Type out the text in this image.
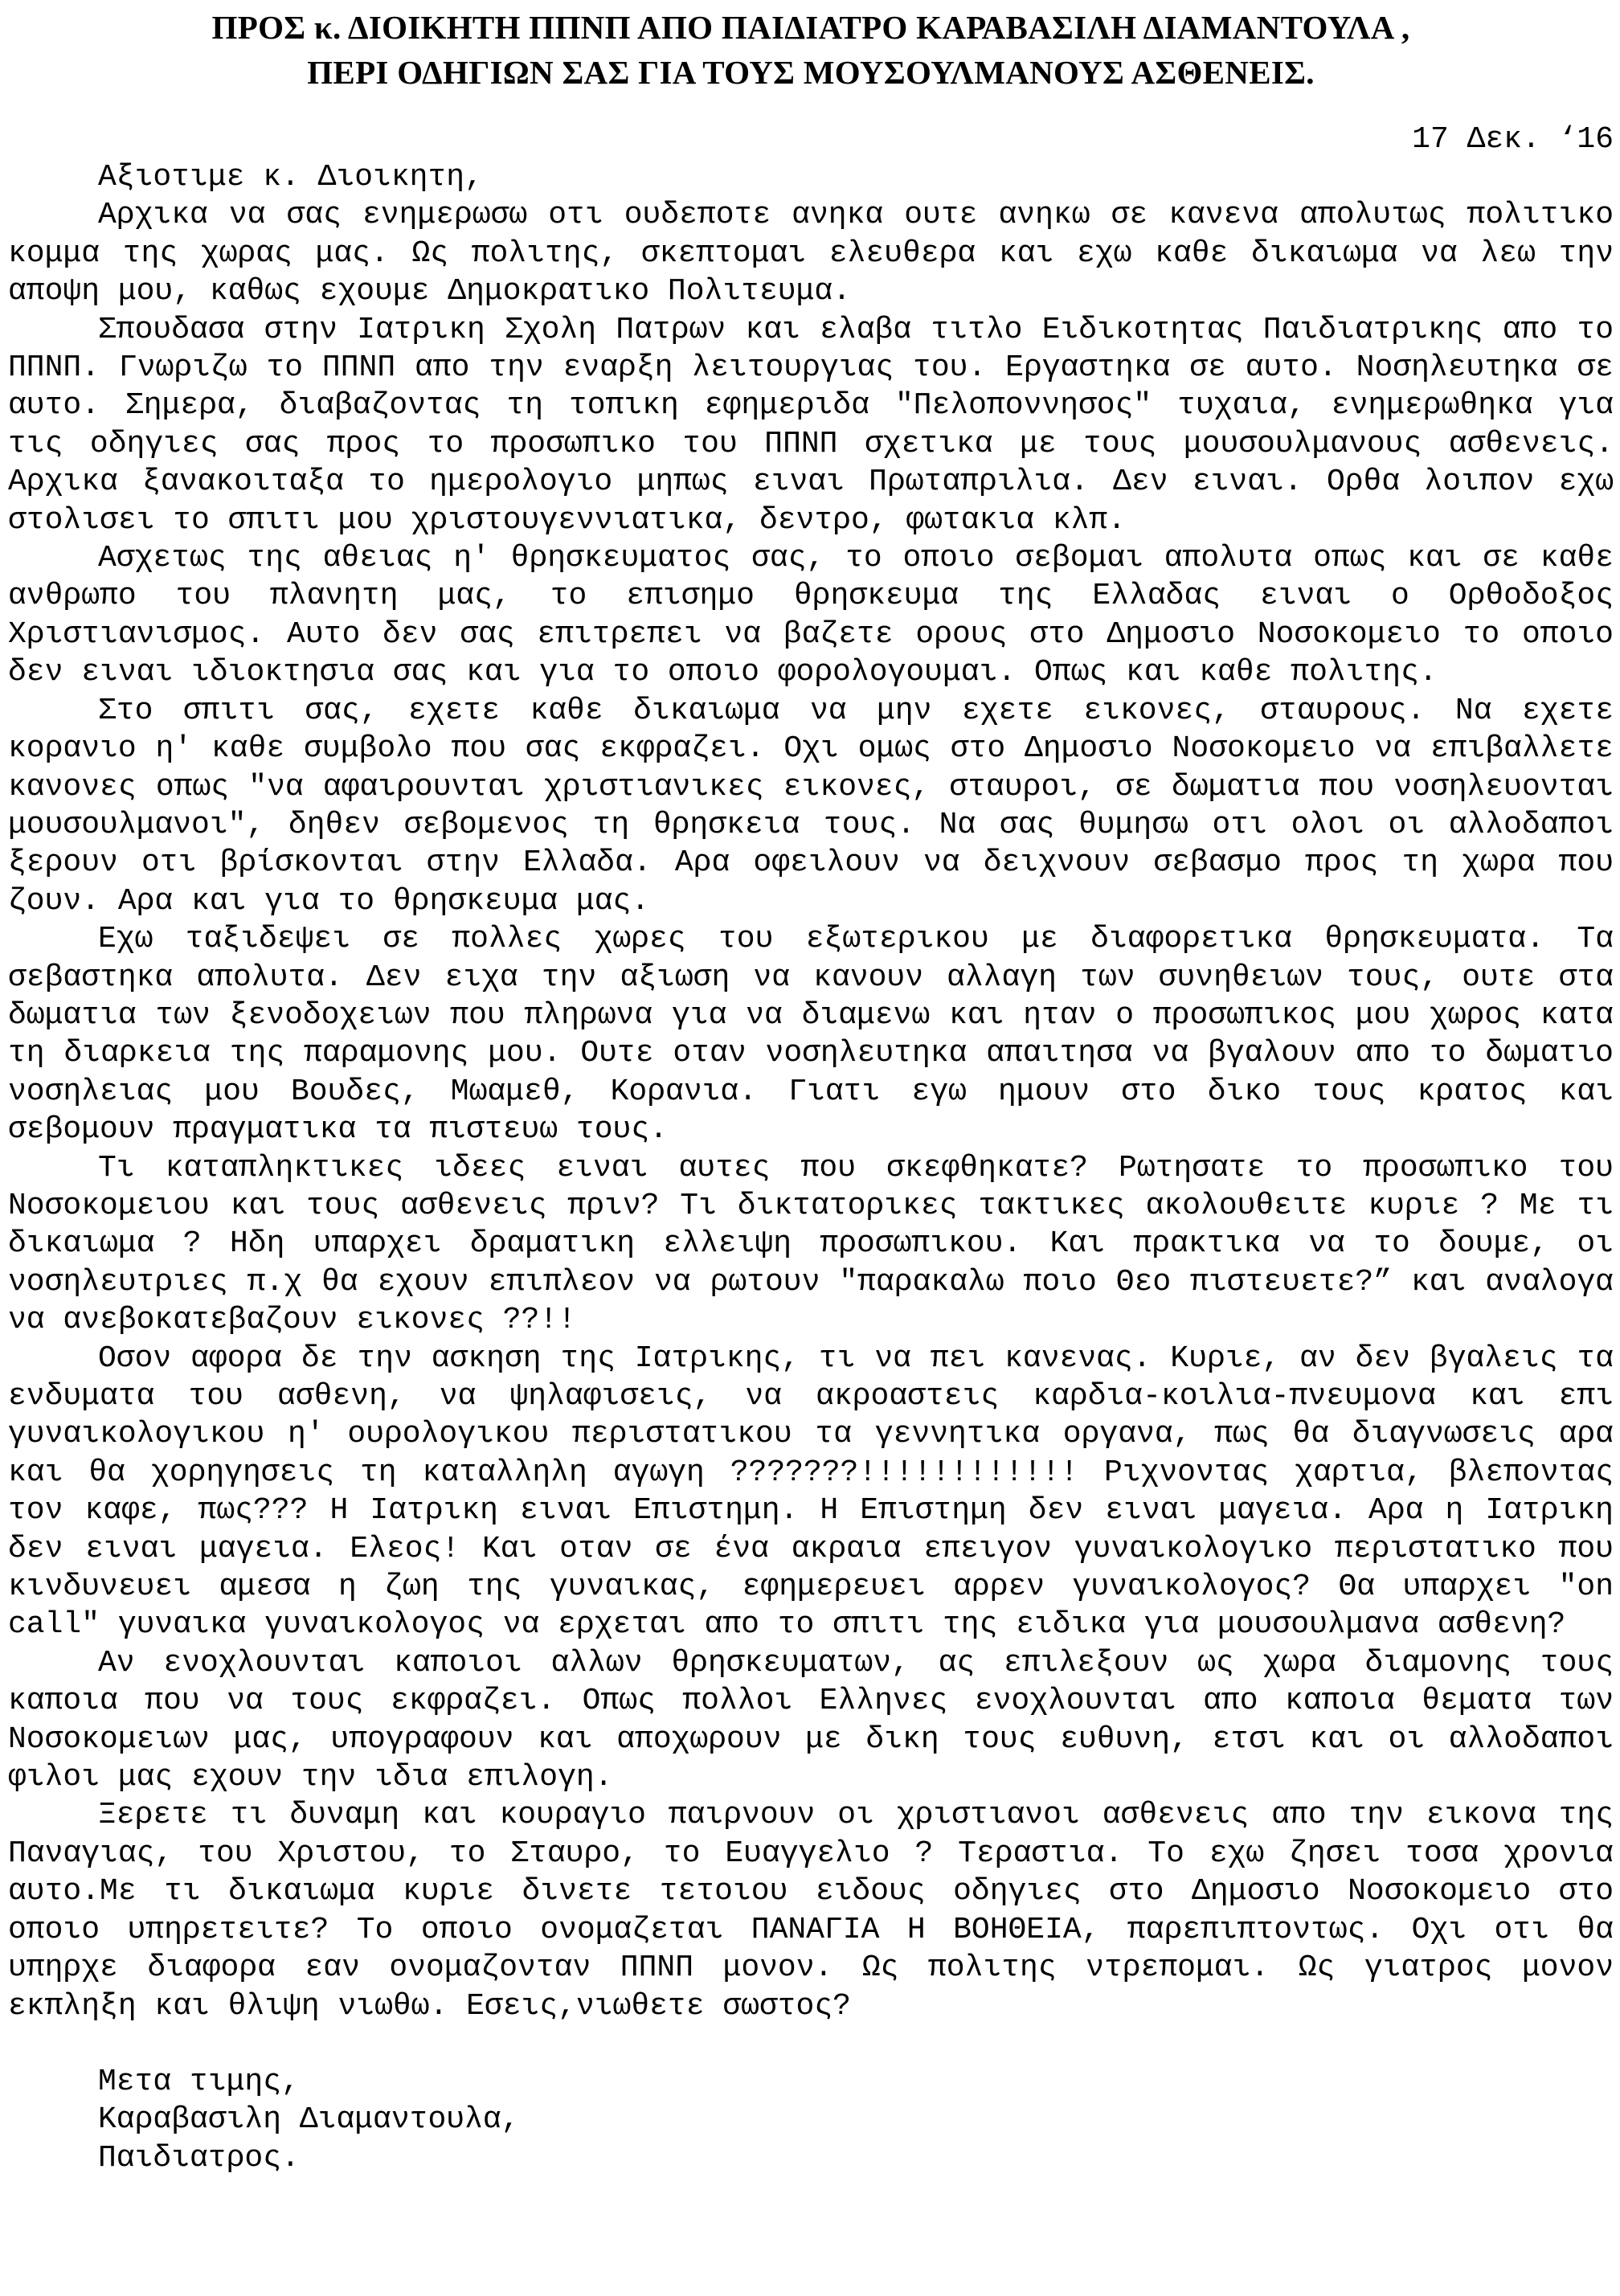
ΠΡΟΣ κ. ΔΙΟΙΚΗΤΗ ΠΠΝΠ ΑΠΟ ΠΑΙΔΙΑΤΡΟ ΚΑΡΑΒΑΣΙΛΗ ΔΙΑΜΑΝΤΟΥΛΑ ,
ΠΕΡΙ ΟΔΗΓΙΩΝ ΣΑΣ ΓΙΑ ΤΟΥΣ ΜΟΥΣΟΥΛΜΑΝΟΥΣ ΑΣΘΕΝΕΙΣ.
17 Δεκ. ‘16
Αξιοτιμε κ. Διοικητη,
Αρχικα να σας ενημερωσω οτι ουδεποτε ανηκα ουτε ανηκω σε κανενα απολυτως πολιτικο κομμα της χωρας μας. Ως πολιτης, σκεπτομαι ελευθερα και εχω καθε δικαιωμα να λεω την αποψη μου, καθως εχουμε Δημοκρατικο Πολιτευμα.
Σπουδασα στην Ιατρικη Σχολη Πατρων και ελαβα τιτλο Ειδικοτητας Παιδιατρικης απο το ΠΠΝΠ. Γνωριζω το ΠΠΝΠ απο την εναρξη λειτουργιας του. Εργαστηκα σε αυτο. Νοσηλευτηκα σε αυτο. Σημερα, διαβαζοντας τη τοπικη εφημεριδα "Πελοποννησος" τυχαια, ενημερωθηκα για τις οδηγιες σας προς το προσωπικο του ΠΠΝΠ σχετικα με τους μουσουλμανους ασθενεις. Αρχικα ξανακοιταξα το ημερολογιο μηπως ειναι Πρωταπριλια. Δεν ειναι. Ορθα λοιπον εχω στολισει το σπιτι μου χριστουγεννιατικα, δεντρο, φωτακια κλπ.
Ασχετως της αθειας η' θρησκευματος σας, το οποιο σεβομαι απολυτα οπως και σε καθε ανθρωπο του πλανητη μας, το επισημο θρησκευμα της Ελλαδας ειναι ο Ορθοδοξος Χριστιανισμος. Αυτο δεν σας επιτρεπει να βαζετε ορους στο Δημοσιο Νοσοκομειο το οποιο δεν ειναι ιδιοκτησια σας και για το οποιο φορολογουμαι. Οπως και καθε πολιτης.
Στο σπιτι σας, εχετε καθε δικαιωμα να μην εχετε εικονες, σταυρους. Να εχετε κορανιο η' καθε συμβολο που σας εκφραζει. Οχι ομως στο Δημοσιο Νοσοκομειο να επιβαλλετε κανονες οπως "να αφαιρουνται χριστιανικες εικονες, σταυροι, σε δωματια που νοσηλευονται μουσουλμανοι", δηθεν σεβομενος τη θρησκεια τους. Να σας θυμησω οτι ολοι οι αλλοδαποι ξερουν οτι βρίσκονται στην Ελλαδα. Αρα οφειλουν να δειχνουν σεβασμο προς τη χωρα που ζουν. Αρα και για το θρησκευμα μας.
Εχω ταξιδεψει σε πολλες χωρες του εξωτερικου με διαφορετικα θρησκευματα. Τα σεβαστηκα απολυτα. Δεν ειχα την αξιωση να κανουν αλλαγη των συνηθειων τους, ουτε στα δωματια των ξενοδοχειων που πληρωνα για να διαμενω και ηταν ο προσωπικος μου χωρος κατα τη διαρκεια της παραμονης μου. Ουτε οταν νοσηλευτηκα απαιτησα να βγαλουν απο το δωματιο νοσηλειας μου Βουδες, Μωαμεθ, Κορανια. Γιατι εγω ημουν στο δικο τους κρατος και σεβομουν πραγματικα τα πιστευω τους.
Τι καταπληκτικες ιδεες ειναι αυτες που σκεφθηκατε? Ρωτησατε το προσωπικο του Νοσοκομειου και τους ασθενεις πριν? Τι δικτατορικες τακτικες ακολουθειτε κυριε ? Με τι δικαιωμα ? Ηδη υπαρχει δραματικη ελλειψη προσωπικου. Και πρακτικα να το δουμε, οι νοσηλευτριες π.χ θα εχουν επιπλεον να ρωτουν "παρακαλω ποιο Θεο πιστευετε?” και αναλογα να ανεβοκατεβαζουν εικονες ??!!
Οσον αφορα δε την ασκηση της Ιατρικης, τι να πει κανενας. Κυριε, αν δεν βγαλεις τα ενδυματα του ασθενη, να ψηλαφισεις, να ακροαστεις καρδια-κοιλια-πνευμονα και επι γυναικολογικου η' ουρολογικου περιστατικου τα γεννητικα οργανα, πως θα διαγνωσεις αρα και θα χορηγησεις τη καταλληλη αγωγη ???????!!!!!!!!!!!! Ριχνοντας χαρτια, βλεποντας τον καφε, πως??? Η Ιατρικη ειναι Επιστημη. Η Επιστημη δεν ειναι μαγεια. Αρα η Ιατρικη δεν ειναι μαγεια. Ελεος! Και οταν σε ένα ακραια επειγον γυναικολογικο περιστατικο που κινδυνευει αμεσα η ζωη της γυναικας, εφημερευει αρρεν γυναικολογος? Θα υπαρχει "on call" γυναικα γυναικολογος να ερχεται απο το σπιτι της ειδικα για μουσουλμανα ασθενη?
Αν ενοχλουνται καποιοι αλλων θρησκευματων, ας επιλεξουν ως χωρα διαμονης τους καποια που να τους εκφραζει. Οπως πολλοι Ελληνες ενοχλουνται απο καποια θεματα των Νοσοκομειων μας, υπογραφουν και αποχωρουν με δικη τους ευθυνη, ετσι και οι αλλοδαποι φιλοι μας εχουν την ιδια επιλογη.
Ξερετε τι δυναμη και κουραγιο παιρνουν οι χριστιανοι ασθενεις απο την εικονα της Παναγιας, του Χριστου, το Σταυρο, το Ευαγγελιο ? Τεραστια. Το εχω ζησει τοσα χρονια αυτο.Με τι δικαιωμα κυριε δινετε τετοιου ειδους οδηγιες στο Δημοσιο Νοσοκομειο στο οποιο υπηρετειτε? Το οποιο ονομαζεται ΠΑΝΑΓΙΑ Η ΒΟΗΘΕΙΑ, παρεπιπτοντως. Οχι οτι θα υπηρχε διαφορα εαν ονομαζονταν ΠΠΝΠ μονον. Ως πολιτης ντρεπομαι. Ως γιατρος μονον εκπληξη και θλιψη νιωθω. Εσεις,νιωθετε σωστος?
Μετα τιμης,
Καραβασιλη Διαμαντουλα,
Παιδιατρος.
